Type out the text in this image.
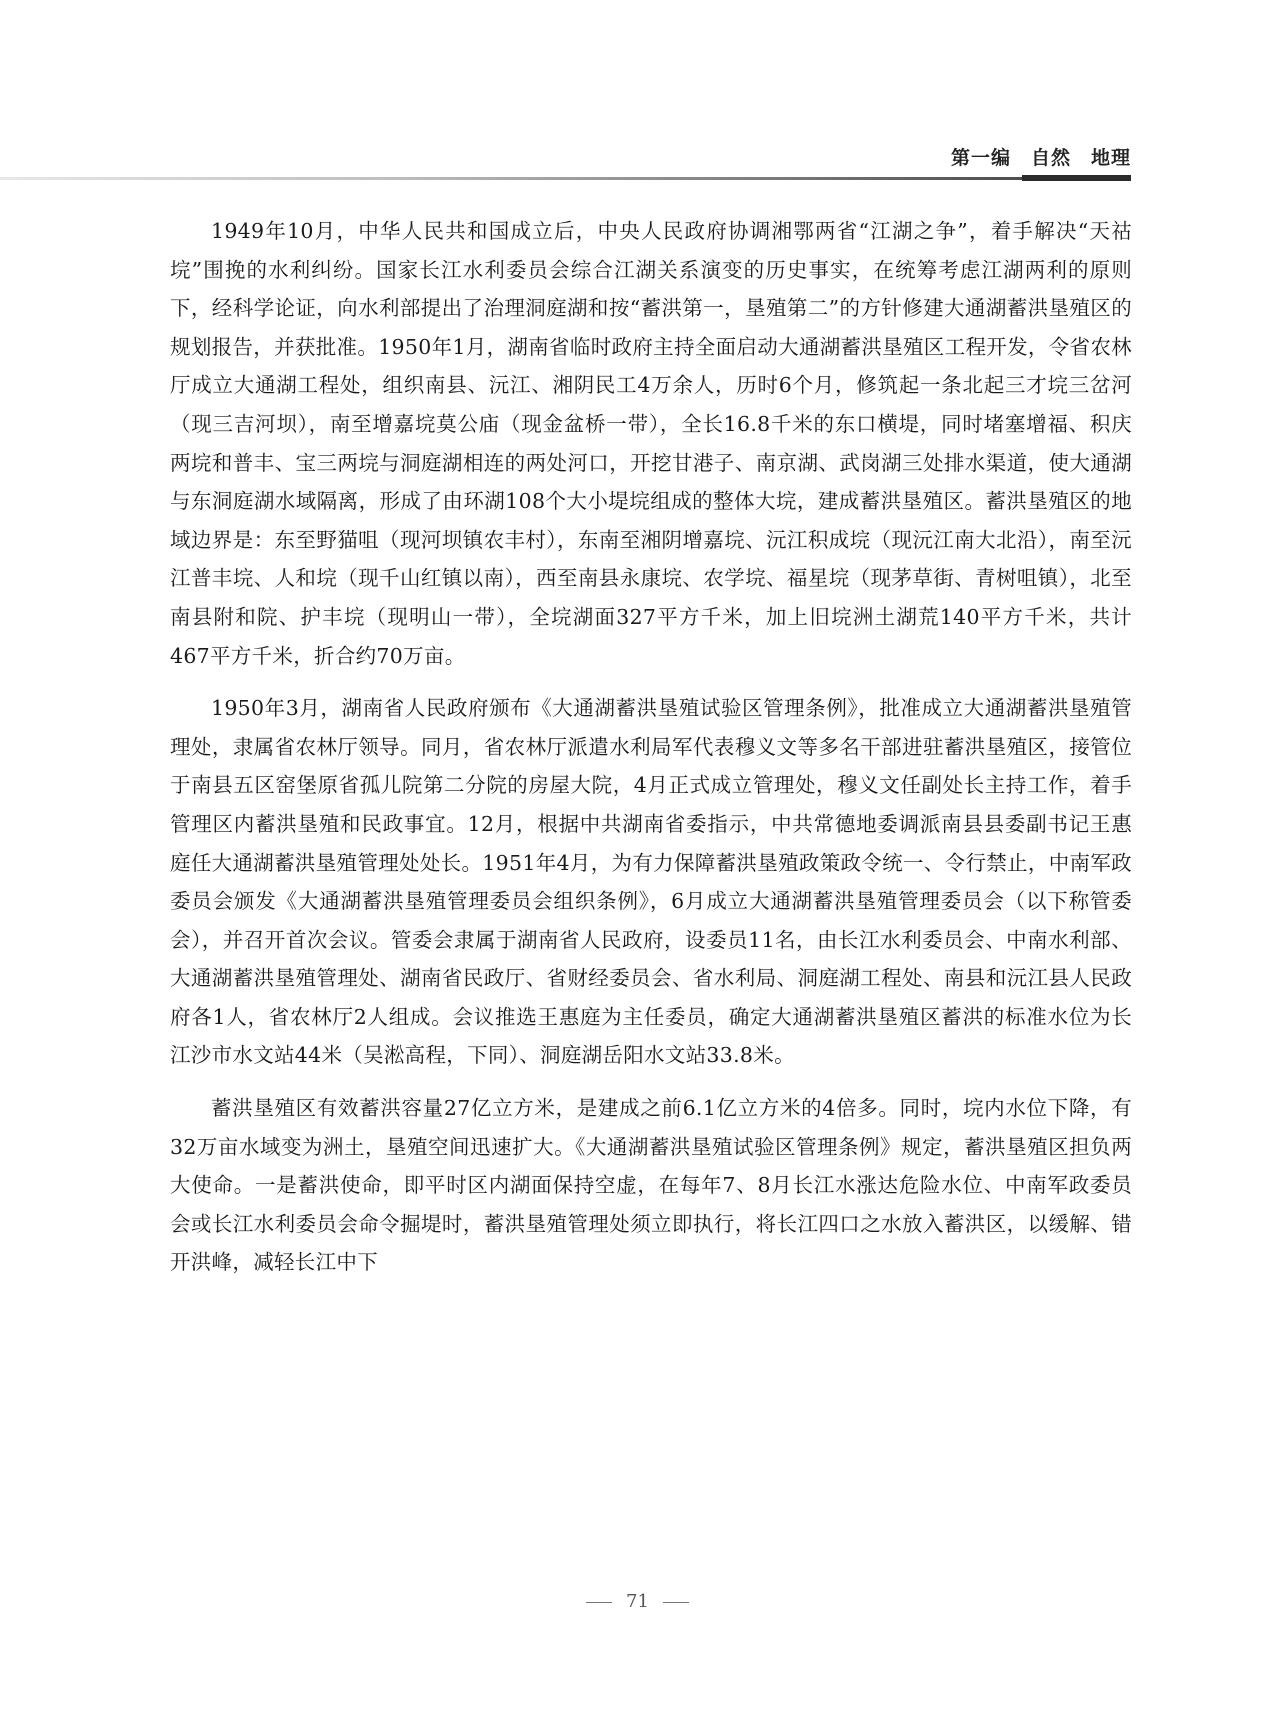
第一编　自然　地理

1949年10月，中华人民共和国成立后，中央人民政府协调湘鄂两省“江湖之争”，着手解决“天祜垸”围挽的水利纠纷。国家长江水利委员会综合江湖关系演变的历史事实，在统筹考虑江湖两利的原则下，经科学论证，向水利部提出了治理洞庭湖和按“蓄洪第一，垦殖第二”的方针修建大通湖蓄洪垦殖区的规划报告，并获批准。1950年1月，湖南省临时政府主持全面启动大通湖蓄洪垦殖区工程开发，令省农林厅成立大通湖工程处，组织南县、沅江、湘阴民工4万余人，历时6个月，修筑起一条北起三才垸三岔河（现三吉河坝），南至增嘉垸莫公庙（现金盆桥一带），全长16.8千米的东口横堤，同时堵塞增福、积庆两垸和普丰、宝三两垸与洞庭湖相连的两处河口，开挖甘港子、南京湖、武岗湖三处排水渠道，使大通湖与东洞庭湖水域隔离，形成了由环湖108个大小堤垸组成的整体大垸，建成蓄洪垦殖区。蓄洪垦殖区的地域边界是：东至野猫咀（现河坝镇农丰村），东南至湘阴增嘉垸、沅江积成垸（现沅江南大北沿），南至沅江普丰垸、人和垸（现千山红镇以南），西至南县永康垸、农学垸、福星垸（现茅草街、青树咀镇），北至南县附和院、护丰垸（现明山一带），全垸湖面327平方千米，加上旧垸洲土湖荒140平方千米，共计467平方千米，折合约70万亩。

1950年3月，湖南省人民政府颁布《大通湖蓄洪垦殖试验区管理条例》，批准成立大通湖蓄洪垦殖管理处，隶属省农林厅领导。同月，省农林厅派遣水利局军代表穆义文等多名干部进驻蓄洪垦殖区，接管位于南县五区窑堡原省孤儿院第二分院的房屋大院，4月正式成立管理处，穆义文任副处长主持工作，着手管理区内蓄洪垦殖和民政事宜。12月，根据中共湖南省委指示，中共常德地委调派南县县委副书记王惠庭任大通湖蓄洪垦殖管理处处长。1951年4月，为有力保障蓄洪垦殖政策政令统一、令行禁止，中南军政委员会颁发《大通湖蓄洪垦殖管理委员会组织条例》，6月成立大通湖蓄洪垦殖管理委员会（以下称管委会），并召开首次会议。管委会隶属于湖南省人民政府，设委员11名，由长江水利委员会、中南水利部、大通湖蓄洪垦殖管理处、湖南省民政厅、省财经委员会、省水利局、洞庭湖工程处、南县和沅江县人民政府各1人，省农林厅2人组成。会议推选王惠庭为主任委员，确定大通湖蓄洪垦殖区蓄洪的标准水位为长江沙市水文站44米（吴淞高程，下同）、洞庭湖岳阳水文站33.8米。

蓄洪垦殖区有效蓄洪容量27亿立方米，是建成之前6.1亿立方米的4倍多。同时，垸内水位下降，有32万亩水域变为洲土，垦殖空间迅速扩大。《大通湖蓄洪垦殖试验区管理条例》规定，蓄洪垦殖区担负两大使命。一是蓄洪使命，即平时区内湖面保持空虚，在每年7、8月长江水涨达危险水位、中南军政委员会或长江水利委员会命令掘堤时，蓄洪垦殖管理处须立即执行，将长江四口之水放入蓄洪区，以缓解、错开洪峰，减轻长江中下

71
